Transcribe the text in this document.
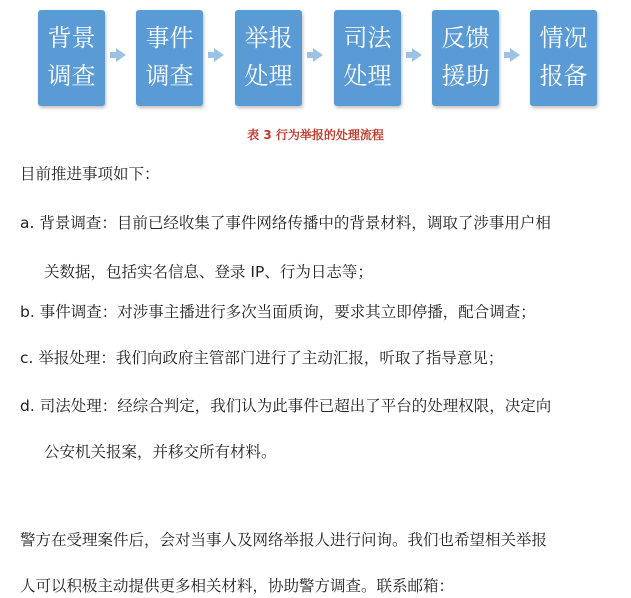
背景
调查
事件
调查
举报
处理
司法
处理
反馈
援助
情况
报备
表 3 行为举报的处理流程
目前推进事项如下：
a. 背景调查：目前已经收集了事件网络传播中的背景材料，调取了涉事用户相
关数据，包括实名信息、登录 IP、行为日志等；
b. 事件调查：对涉事主播进行多次当面质询，要求其立即停播，配合调查；
c. 举报处理：我们向政府主管部门进行了主动汇报，听取了指导意见；
d. 司法处理：经综合判定，我们认为此事件已超出了平台的处理权限，决定向
公安机关报案，并移交所有材料。
警方在受理案件后，会对当事人及网络举报人进行问询。我们也希望相关举报
人可以积极主动提供更多相关材料，协助警方调查。联系邮箱：
